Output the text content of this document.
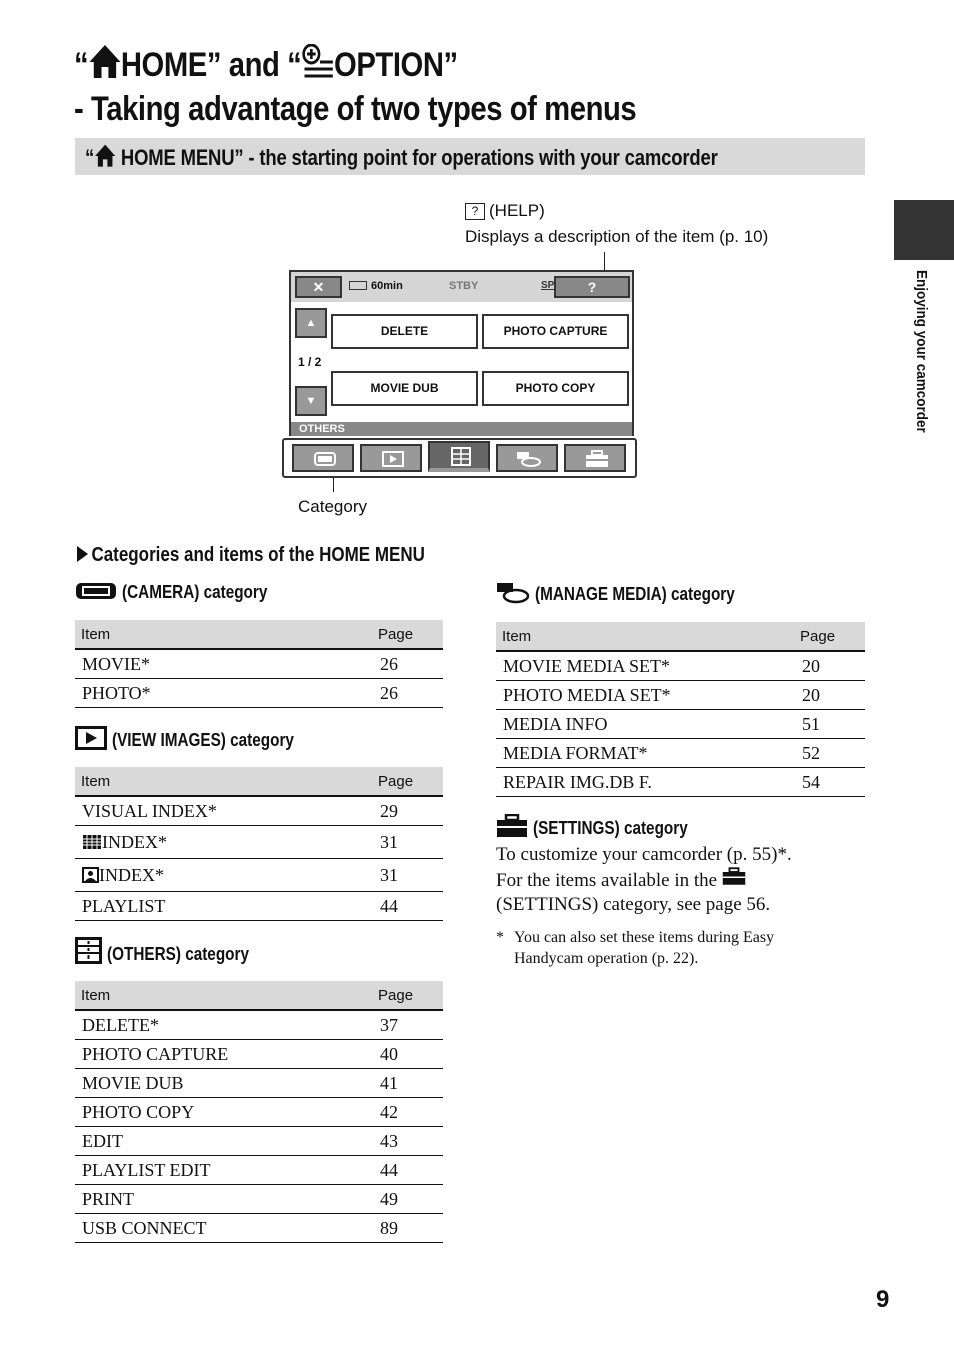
“ HOME” and “ OPTION”
- Taking advantage of two types of menus
“ HOME MENU” - the starting point for operations with your camcorder
Enjoying your camcorder
? (HELP)
Displays a description of the item (p. 10)
✕	60min	STBY	SP	?
▲
1 / 2
▼
DELETE	PHOTO CAPTURE
MOVIE DUB	PHOTO COPY
OTHERS
Category
Categories and items of the HOME MENU
(CAMERA) category
Item	Page
MOVIE*	26
PHOTO*	26
(VIEW IMAGES) category
Item	Page
VISUAL INDEX*	29
INDEX*	31
INDEX*	31
PLAYLIST	44
(OTHERS) category
Item	Page
DELETE*	37
PHOTO CAPTURE	40
MOVIE DUB	41
PHOTO COPY	42
EDIT	43
PLAYLIST EDIT	44
PRINT	49
USB CONNECT	89
(MANAGE MEDIA) category
Item	Page
MOVIE MEDIA SET*	20
PHOTO MEDIA SET*	20
MEDIA INFO	51
MEDIA FORMAT*	52
REPAIR IMG.DB F.	54
(SETTINGS) category
To customize your camcorder (p. 55)*.
For the items available in the
(SETTINGS) category, see page 56.
* You can also set these items during Easy
Handycam operation (p. 22).
9
